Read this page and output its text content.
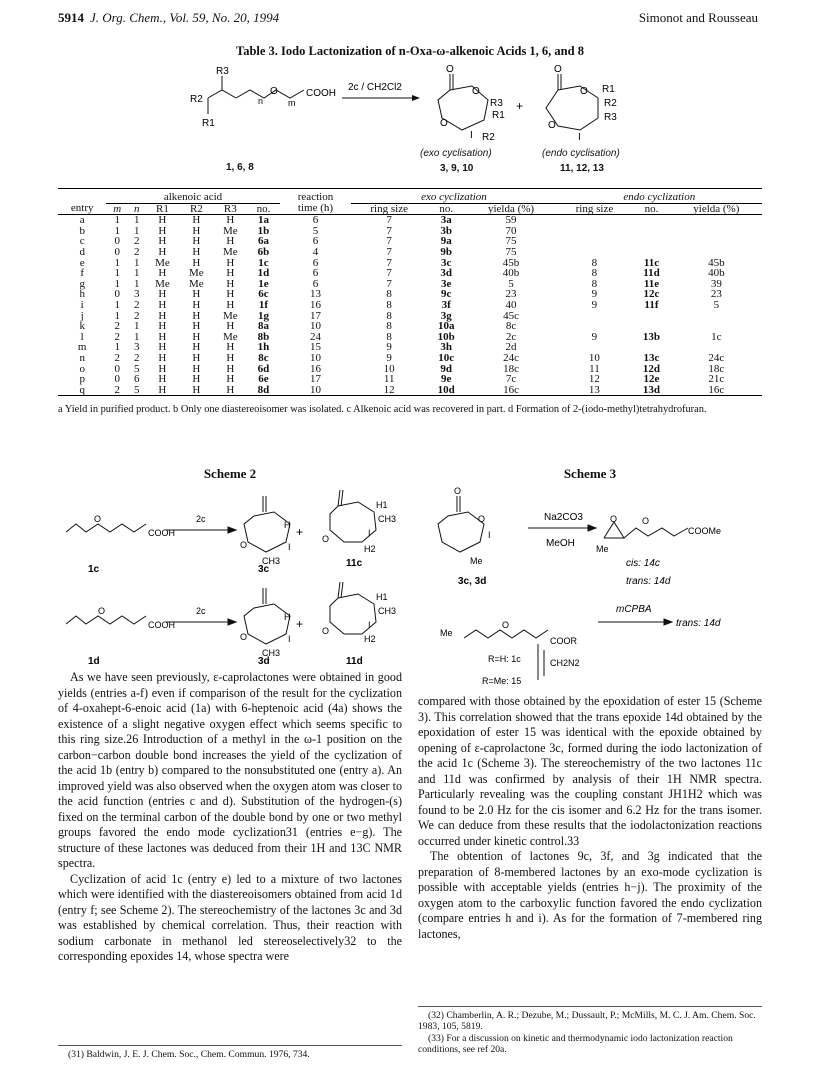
5914 J. Org. Chem., Vol. 59, No. 20, 1994	Simonot and Rousseau
Table 3. Iodo Lactonization of n-Oxa-ω-alkenoic Acids 1, 6, and 8
R2
R3
R1
n
O
m
COOH
2c / CH2Cl2
O
O
R3
R1
R2
O
I
+
O
O R1
R2
R3
O
I
1, 6, 8
(exo cyclisation)
3, 9, 10
(endo cyclisation)
11, 12, 13
	alkenoic acid						reaction	exo cyclization			endo cyclization		
entry	m	n	R1	R2	R3	no.	time (h)	ring size	no.	yielda (%)	ring size	no.	yielda (%)
a	1	1	H	H	H	1a	6	7	3a	59			
b	1	1	H	H	Me	1b	5	7	3b	70			
c	0	2	H	H	H	6a	6	7	9a	75			
d	0	2	H	H	Me	6b	4	7	9b	75			
e	1	1	Me	H	H	1c	6	7	3c	45b	8	11c	45b
f	1	1	H	Me	H	1d	6	7	3d	40b	8	11d	40b
g	1	1	Me	Me	H	1e	6	7	3e	5	8	11e	39
h	0	3	H	H	H	6c	13	8	9c	23	9	12c	23
i	1	2	H	H	H	1f	16	8	3f	40	9	11f	5
j	1	2	H	H	Me	1g	17	8	3g	45c			
k	2	1	H	H	H	8a	10	8	10a	8c			
l	2	1	H	H	Me	8b	24	8	10b	2c	9	13b	1c
m	1	3	H	H	H	1h	15	9	3h	2d			
n	2	2	H	H	H	8c	10	9	10c	24c	10	13c	24c
o	0	5	H	H	H	6d	16	10	9d	18c	11	12d	18c
p	0	6	H	H	H	6e	17	11	9e	7c	12	12e	21c
q	2	5	H	H	H	8d	10	12	10d	16c	13	13d	16c
a Yield in purified product. b Only one diastereoisomer was isolated. c Alkenoic acid was recovered in part. d Formation of 2-(iodo-methyl)tetrahydrofuran.
Scheme 2
O
COOH
2c
+
H
I
CH3
O
H1
CH3
I
H2
O
O
COOH
2c
+
H
I
CH3
O
H1
CH3
I
H2
O
1c	3c
11c
1d	3d	11d
Scheme 3
O
O
I
Me
3c, 3d
Na2CO3
MeOH
O
Me
O
COOMe
cis: 14c
trans: 14d
mCPBA
trans: 14d
Me
O
COOR
R=H: 1c
R=Me: 15
CH2N2

As we have seen previously, ε-caprolactones were obtained in good yields (entries a-f) even if comparison of the result for the cyclization of 4-oxahept-6-enoic acid (1a) with 6-heptenoic acid (4a) shows the existence of a slight negative oxygen effect which seems specific to this ring size.26 Introduction of a methyl in the ω-1 position on the carbon−carbon double bond increases the yield of the cyclization of the acid 1b (entry b) compared to the nonsubstituted one (entry a). An improved yield was also observed when the oxygen atom was closer to the acid function (entries c and d). Substitution of the hydrogen-(s) fixed on the terminal carbon of the double bond by one or two methyl groups favored the endo mode cyclization31 (entries e−g). The structure of these lactones was deduced from their 1H and 13C NMR spectra.

Cyclization of acid 1c (entry e) led to a mixture of two lactones which were identified with the diastereoisomers obtained from acid 1d (entry f; see Scheme 2). The stereochemistry of the lactones 3c and 3d was established by chemical correlation. Thus, their reaction with sodium carbonate in methanol led stereoselectively32 to the corresponding epoxides 14, whose spectra were

compared with those obtained by the epoxidation of ester 15 (Scheme 3). This correlation showed that the trans epoxide 14d obtained by the epoxidation of ester 15 was identical with the epoxide obtained by opening of ε-caprolactone 3c, formed during the iodo lactonization of the acid 1c (Scheme 3). The stereochemistry of the two lactones 11c and 11d was confirmed by analysis of their 1H NMR spectra. Particularly revealing was the coupling constant JH1H2 which was found to be 2.0 Hz for the cis isomer and 6.2 Hz for the trans isomer. We can deduce from these results that the iodolactonization reactions occurred under kinetic control.33

The obtention of lactones 9c, 3f, and 3g indicated that the preparation of 8-membered lactones by an exo-mode cyclization is possible with acceptable yields (entries h−j). The proximity of the oxygen atom to the carboxylic function favored the endo cyclization (compare entries h and i). As for the formation of 7-membered ring lactones,

(32) Chamberlin, A. R.; Dezube, M.; Dussault, P.; McMills, M. C. J. Am. Chem. Soc. 1983, 105, 5819.
(33) For a discussion on kinetic and thermodynamic iodo lactonization reaction conditions, see ref 20a.
(31) Baldwin, J. E. J. Chem. Soc., Chem. Commun. 1976, 734.
